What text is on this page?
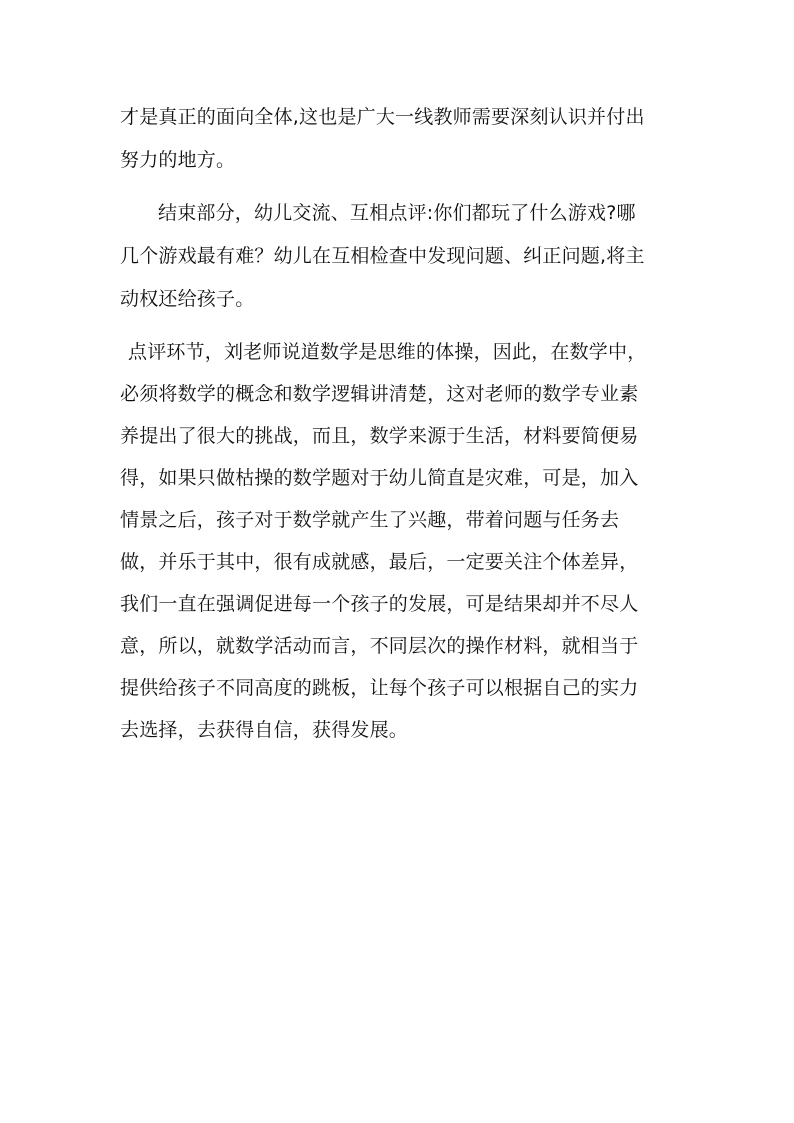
才是真正的面向全体,这也是广大一线教师需要深刻认识并付出
努力的地方。
结束部分，幼儿交流、互相点评:你们都玩了什么游戏?哪
几个游戏最有难？幼儿在互相检查中发现问题、纠正问题,将主
动权还给孩子。
点评环节，刘老师说道数学是思维的体操，因此，在数学中，
必须将数学的概念和数学逻辑讲清楚，这对老师的数学专业素
养提出了很大的挑战，而且，数学来源于生活，材料要简便易
得，如果只做枯操的数学题对于幼儿简直是灾难，可是，加入
情景之后，孩子对于数学就产生了兴趣，带着问题与任务去
做，并乐于其中，很有成就感，最后，一定要关注个体差异，
我们一直在强调促进每一个孩子的发展，可是结果却并不尽人
意，所以，就数学活动而言，不同层次的操作材料，就相当于
提供给孩子不同高度的跳板，让每个孩子可以根据自己的实力
去选择，去获得自信，获得发展。
